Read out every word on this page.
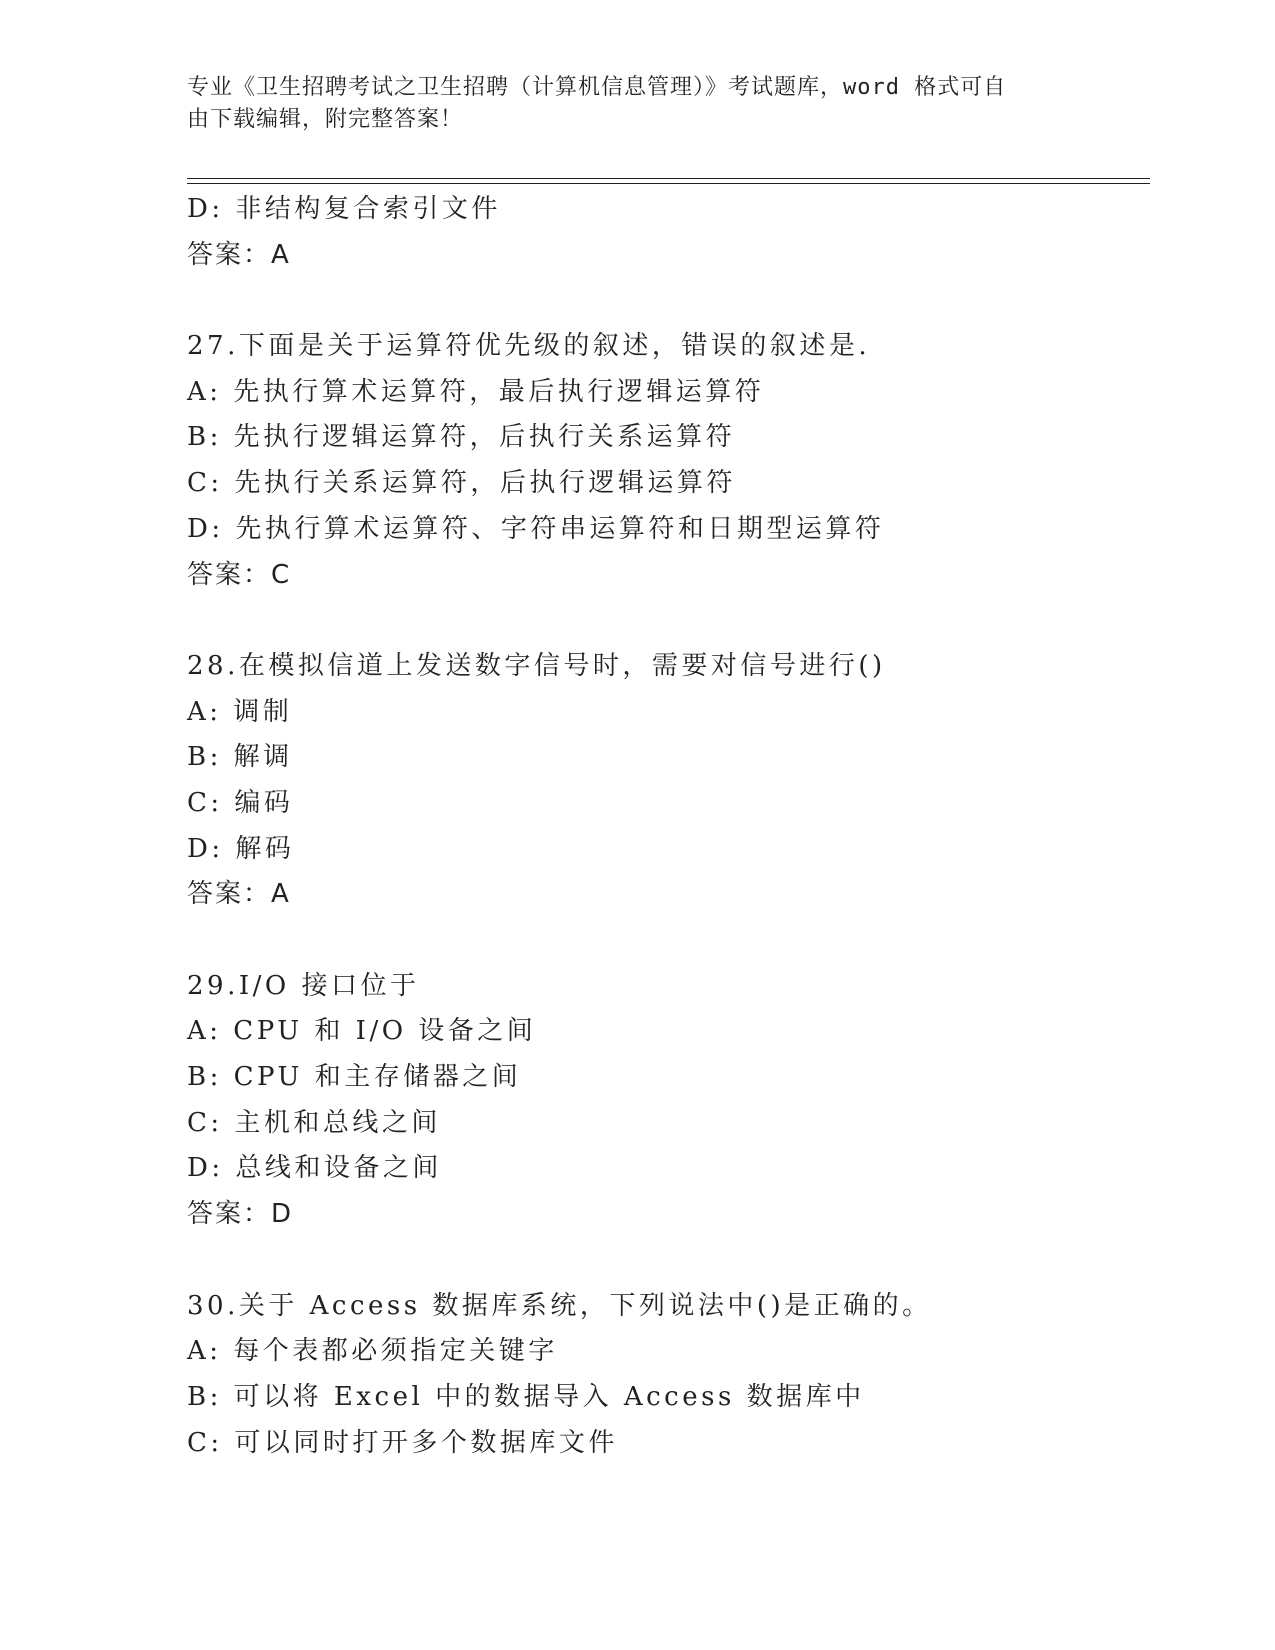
专业《卫生招聘考试之卫生招聘（计算机信息管理）》考试题库，word 格式可自
由下载编辑，附完整答案！
D: 非结构复合索引文件
答案：A
27.下面是关于运算符优先级的叙述，错误的叙述是.
A: 先执行算术运算符，最后执行逻辑运算符
B: 先执行逻辑运算符，后执行关系运算符
C: 先执行关系运算符，后执行逻辑运算符
D: 先执行算术运算符、字符串运算符和日期型运算符
答案：C
28.在模拟信道上发送数字信号时，需要对信号进行()
A: 调制
B: 解调
C: 编码
D: 解码
答案：A
29.I/O 接口位于
A: CPU 和 I/O 设备之间
B: CPU 和主存储器之间
C: 主机和总线之间
D: 总线和设备之间
答案：D
30.关于 Access 数据库系统，下列说法中()是正确的。
A: 每个表都必须指定关键字
B: 可以将 Excel 中的数据导入 Access 数据库中
C: 可以同时打开多个数据库文件
